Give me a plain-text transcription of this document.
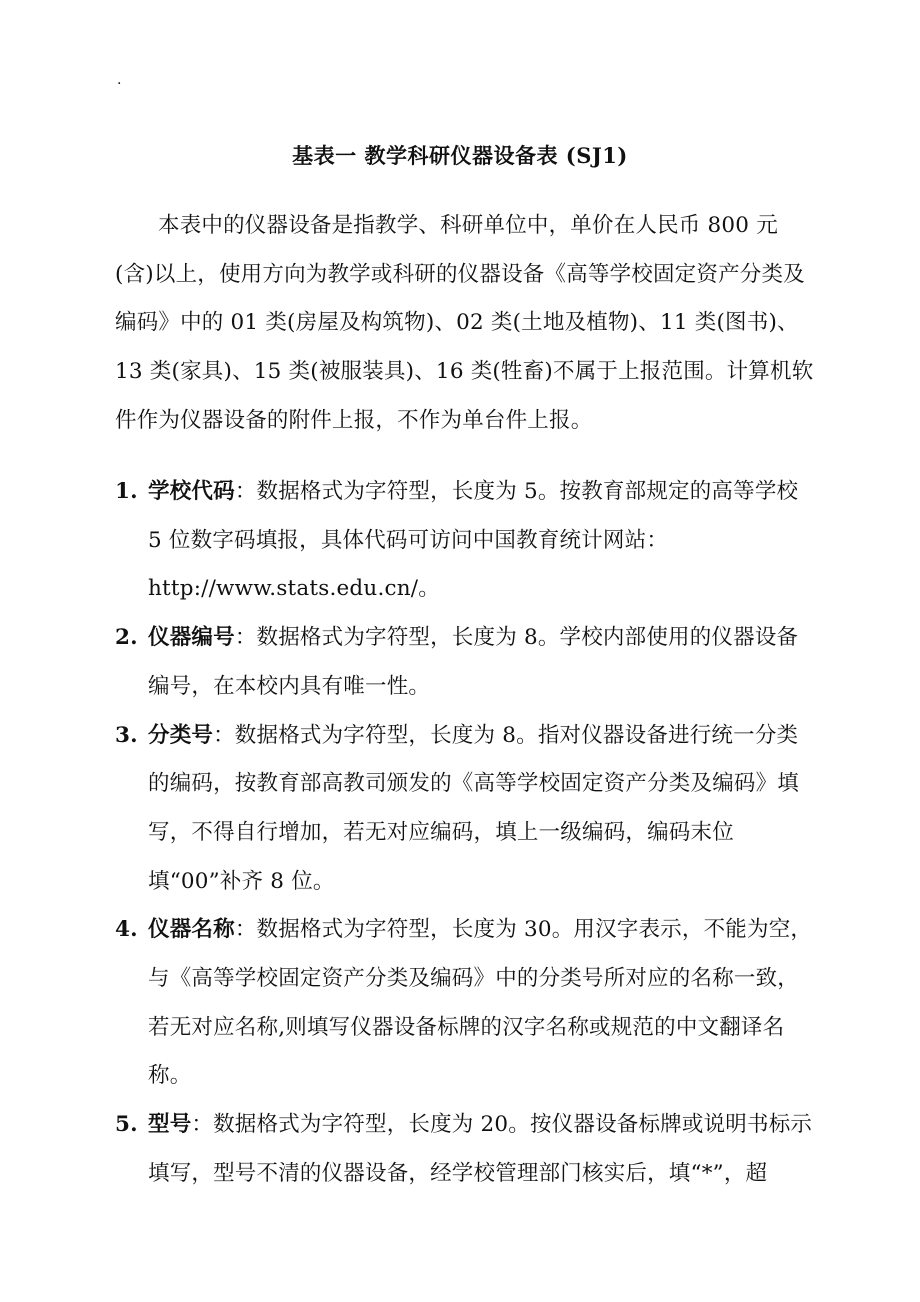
.
基表一 教学科研仪器设备表 (SJ1)

本表中的仪器设备是指教学、科研单位中，单价在人民币 800 元(含)以上，使用方向为教学或科研的仪器设备《高等学校固定资产分类及编码》中的 01 类(房屋及构筑物)、02 类(土地及植物)、11 类(图书)、13 类(家具)、15 类(被服装具)、16 类(牲畜)不属于上报范围。计算机软件作为仪器设备的附件上报，不作为单台件上报。

1. 学校代码：数据格式为字符型，长度为 5。按教育部规定的高等学校 5 位数字码填报，具体代码可访问中国教育统计网站：
http://www.stats.edu.cn/。
2. 仪器编号：数据格式为字符型，长度为 8。学校内部使用的仪器设备编号，在本校内具有唯一性。
3. 分类号：数据格式为字符型，长度为 8。指对仪器设备进行统一分类的编码，按教育部高教司颁发的《高等学校固定资产分类及编码》填写，不得自行增加，若无对应编码，填上一级编码，编码末位填“00”补齐 8 位。
4. 仪器名称：数据格式为字符型，长度为 30。用汉字表示，不能为空，与《高等学校固定资产分类及编码》中的分类号所对应的名称一致，若无对应名称,则填写仪器设备标牌的汉字名称或规范的中文翻译名称。
5. 型号：数据格式为字符型，长度为 20。按仪器设备标牌或说明书标示填写，型号不清的仪器设备，经学校管理部门核实后，填“*”，超
